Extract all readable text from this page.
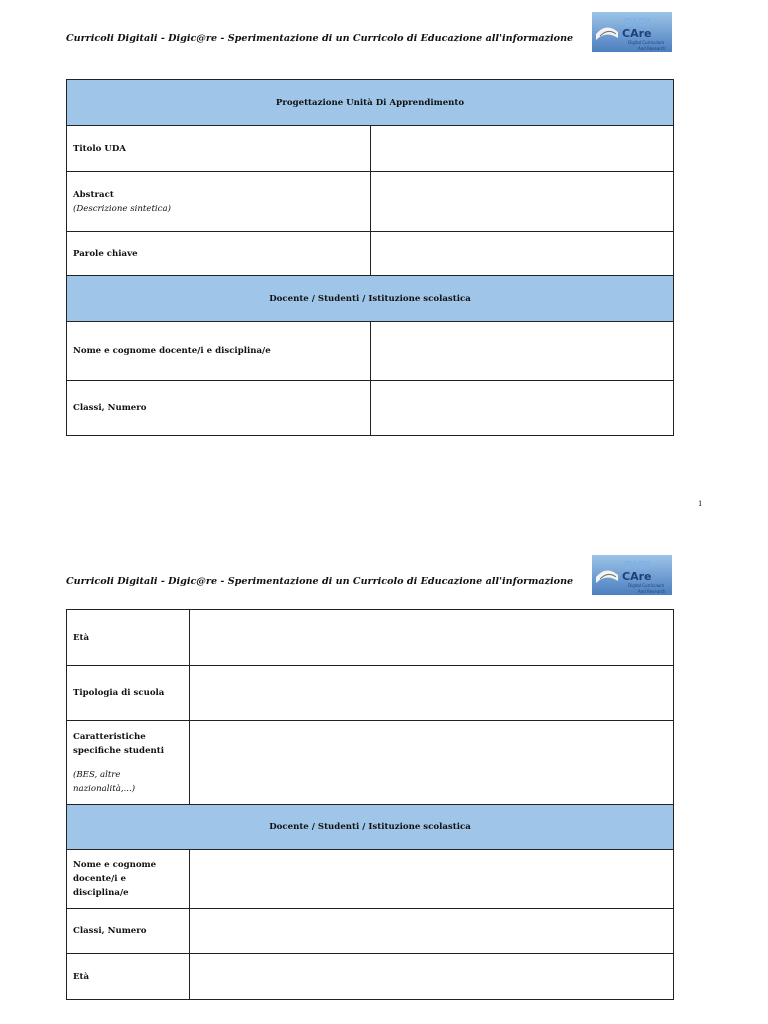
Curricoli Digitali - Digic@re - Sperimentazione di un Curricolo di Educazione all'informazione
DIGI
CAre
Digital Curriculum
And Research
Progettazione Unità Di Apprendimento	
Titolo UDA	
Abstract
(Descrizione sintetica)	

Parole chiave	
Docente / Studenti / Istituzione scolastica	
Nome e cognome docente/i e disciplina/e	
Classi, Numero	
1
Curricoli Digitali - Digic@re - Sperimentazione di un Curricolo di Educazione all'informazione
DIGI
CAre
Digital Curriculum
And Research
Età	
Tipologia di scuola	
Caratteristiche specifiche studenti
(BES, altre nazionalità,...)	

Docente / Studenti / Istituzione scolastica	
Nome e cognome docente/i e disciplina/e	
Classi, Numero	
Età	
